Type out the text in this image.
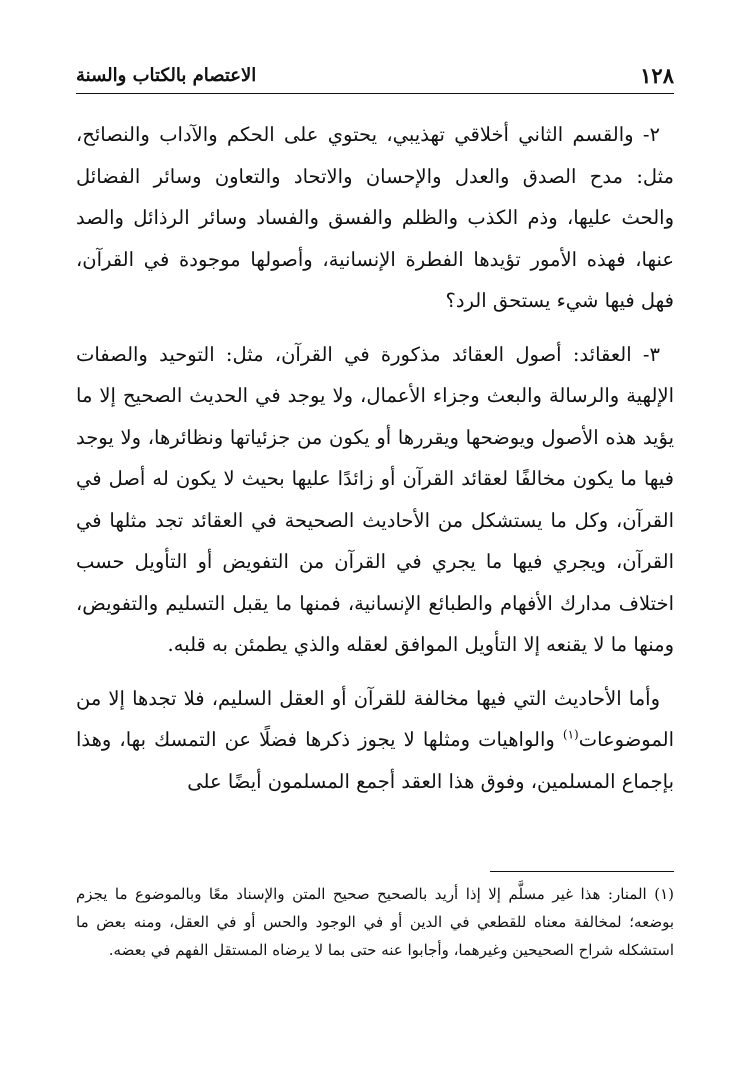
١٢٨
الاعتصام بالكتاب والسنة

٢- والقسم الثاني أخلاقي تهذيبي، يحتوي على الحكم والآداب والنصائح، مثل: مدح الصدق والعدل والإحسان والاتحاد والتعاون وسائر الفضائل والحث عليها، وذم الكذب والظلم والفسق والفساد وسائر الرذائل والصد عنها، فهذه الأمور تؤيدها الفطرة الإنسانية، وأصولها موجودة في القرآن، فهل فيها شيء يستحق الرد؟

٣- العقائد: أصول العقائد مذكورة في القرآن، مثل: التوحيد والصفات الإلهية والرسالة والبعث وجزاء الأعمال، ولا يوجد في الحديث الصحيح إلا ما يؤيد هذه الأصول ويوضحها ويقررها أو يكون من جزئياتها ونظائرها، ولا يوجد فيها ما يكون مخالفًا لعقائد القرآن أو زائدًا عليها بحيث لا يكون له أصل في القرآن، وكل ما يستشكل من الأحاديث الصحيحة في العقائد تجد مثلها في القرآن، ويجري فيها ما يجري في القرآن من التفويض أو التأويل حسب اختلاف مدارك الأفهام والطبائع الإنسانية، فمنها ما يقبل التسليم والتفويض، ومنها ما لا يقنعه إلا التأويل الموافق لعقله والذي يطمئن به قلبه.

وأما الأحاديث التي فيها مخالفة للقرآن أو العقل السليم، فلا تجدها إلا من الموضوعات$^{(١)}$ والواهيات ومثلها لا يجوز ذكرها فضلًا عن التمسك بها، وهذا بإجماع المسلمين، وفوق هذا العقد أجمع المسلمون أيضًا على

(١) المنار: هذا غير مسلَّم إلا إذا أريد بالصحيح صحيح المتن والإسناد معًا وبالموضوع ما يجزم بوضعه؛ لمخالفة معناه للقطعي في الدين أو في الوجود والحس أو في العقل، ومنه بعض ما استشكله شراح الصحيحين وغيرهما، وأجابوا عنه حتى بما لا يرضاه المستقل الفهم في بعضه.
